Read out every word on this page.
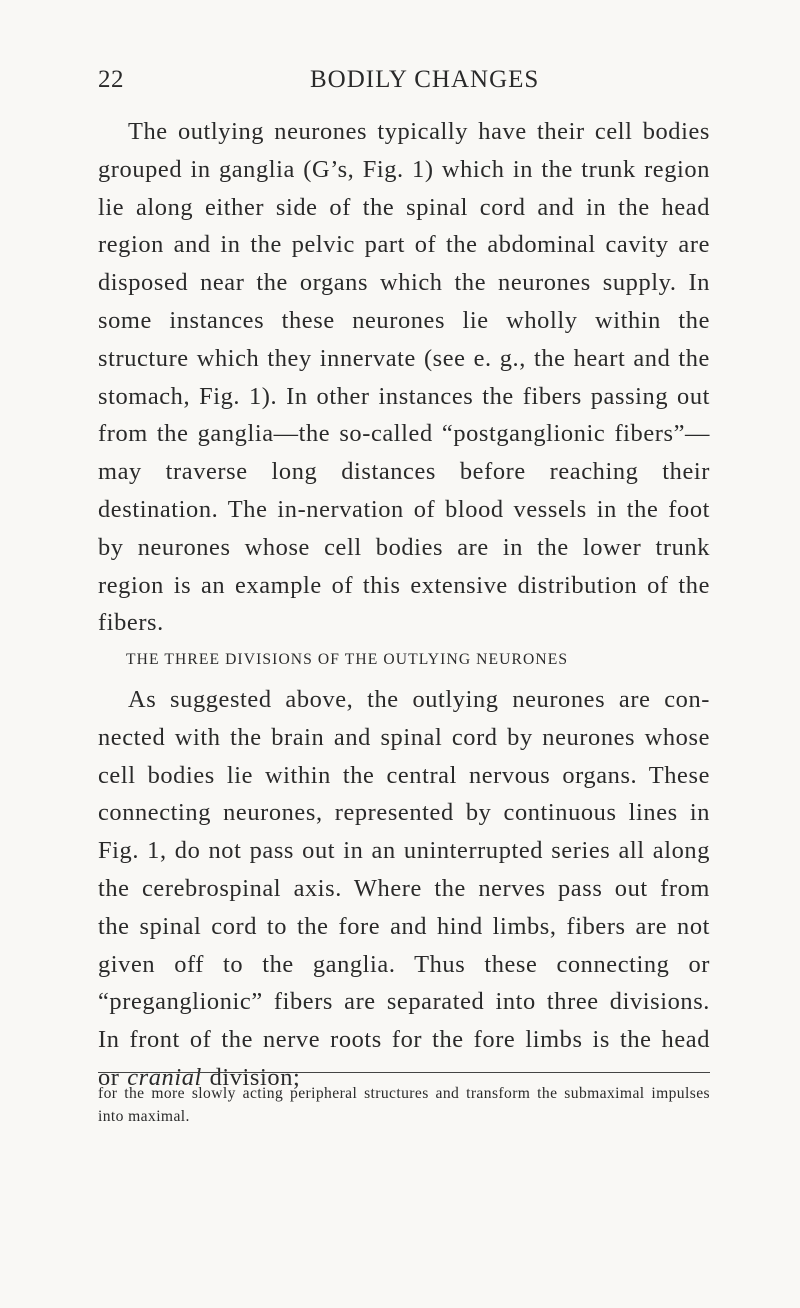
22	BODILY CHANGES

The outlying neurones typically have their cell bodies grouped in ganglia (G’s, Fig. 1) which in the trunk region lie along either side of the spinal cord and in the head region and in the pelvic part of the abdominal cavity are disposed near the organs which the neurones supply. In some instances these neurones lie wholly within the structure which they innervate (see e. g., the heart and the stomach, Fig. 1). In other instances the fibers passing out from the ganglia—the so-called “postganglionic fibers”—may traverse long distances before reaching their destination. The in-nervation of blood vessels in the foot by neurones whose cell bodies are in the lower trunk region is an example of this extensive distribution of the fibers.

THE THREE DIVISIONS OF THE OUTLYING NEURONES

As suggested above, the outlying neurones are con-nected with the brain and spinal cord by neurones whose cell bodies lie within the central nervous organs. These connecting neurones, represented by continuous lines in Fig. 1, do not pass out in an uninterrupted series all along the cerebrospinal axis. Where the nerves pass out from the spinal cord to the fore and hind limbs, fibers are not given off to the ganglia. Thus these connecting or “preganglionic” fibers are separated into three divisions. In front of the nerve roots for the fore limbs is the head or cranial division;

for the more slowly acting peripheral structures and transform the submaximal impulses into maximal.
